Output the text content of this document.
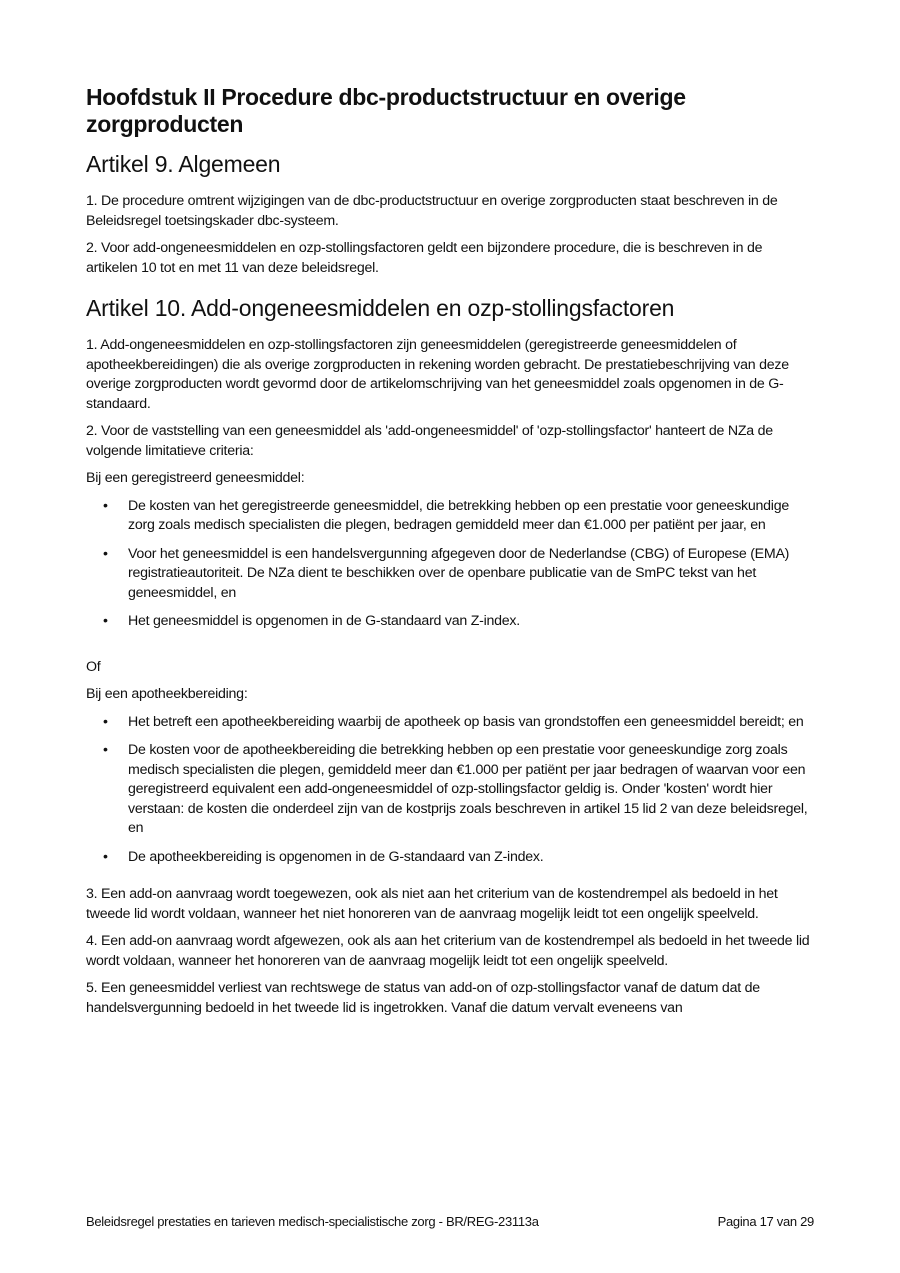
Hoofdstuk II Procedure dbc-productstructuur en overige zorgproducten
Artikel 9. Algemeen

1. De procedure omtrent wijzigingen van de dbc-productstructuur en overige zorgproducten staat beschreven in de Beleidsregel toetsingskader dbc-systeem.

2. Voor add-ongeneesmiddelen en ozp-stollingsfactoren geldt een bijzondere procedure, die is beschreven in de artikelen 10 tot en met 11 van deze beleidsregel.

Artikel 10. Add-ongeneesmiddelen en ozp-stollingsfactoren

1. Add-ongeneesmiddelen en ozp-stollingsfactoren zijn geneesmiddelen (geregistreerde geneesmiddelen of apotheekbereidingen) die als overige zorgproducten in rekening worden gebracht. De prestatiebeschrijving van deze overige zorgproducten wordt gevormd door de artikelomschrijving van het geneesmiddel zoals opgenomen in de G-standaard.

2. Voor de vaststelling van een geneesmiddel als 'add-ongeneesmiddel' of 'ozp-stollingsfactor' hanteert de NZa de volgende limitatieve criteria:

Bij een geregistreerd geneesmiddel:

• De kosten van het geregistreerde geneesmiddel, die betrekking hebben op een prestatie voor geneeskundige zorg zoals medisch specialisten die plegen, bedragen gemiddeld meer dan €1.000 per patiënt per jaar, en
• Voor het geneesmiddel is een handelsvergunning afgegeven door de Nederlandse (CBG) of Europese (EMA) registratieautoriteit. De NZa dient te beschikken over de openbare publicatie van de SmPC tekst van het geneesmiddel, en
• Het geneesmiddel is opgenomen in de G-standaard van Z-index.

Of

Bij een apotheekbereiding:

• Het betreft een apotheekbereiding waarbij de apotheek op basis van grondstoffen een geneesmiddel bereidt; en
• De kosten voor de apotheekbereiding die betrekking hebben op een prestatie voor geneeskundige zorg zoals medisch specialisten die plegen, gemiddeld meer dan €1.000 per patiënt per jaar bedragen of waarvan voor een geregistreerd equivalent een add-ongeneesmiddel of ozp-stollingsfactor geldig is. Onder 'kosten' wordt hier verstaan: de kosten die onderdeel zijn van de kostprijs zoals beschreven in artikel 15 lid 2 van deze beleidsregel, en
• De apotheekbereiding is opgenomen in de G-standaard van Z-index.

3. Een add-on aanvraag wordt toegewezen, ook als niet aan het criterium van de kostendrempel als bedoeld in het tweede lid wordt voldaan, wanneer het niet honoreren van de aanvraag mogelijk leidt tot een ongelijk speelveld.

4. Een add-on aanvraag wordt afgewezen, ook als aan het criterium van de kostendrempel als bedoeld in het tweede lid wordt voldaan, wanneer het honoreren van de aanvraag mogelijk leidt tot een ongelijk speelveld.

5. Een geneesmiddel verliest van rechtswege de status van add-on of ozp-stollingsfactor vanaf de datum dat de handelsvergunning bedoeld in het tweede lid is ingetrokken. Vanaf die datum vervalt eveneens van

Beleidsregel prestaties en tarieven medisch-specialistische zorg - BR/REG-23113a	Pagina 17 van 29
